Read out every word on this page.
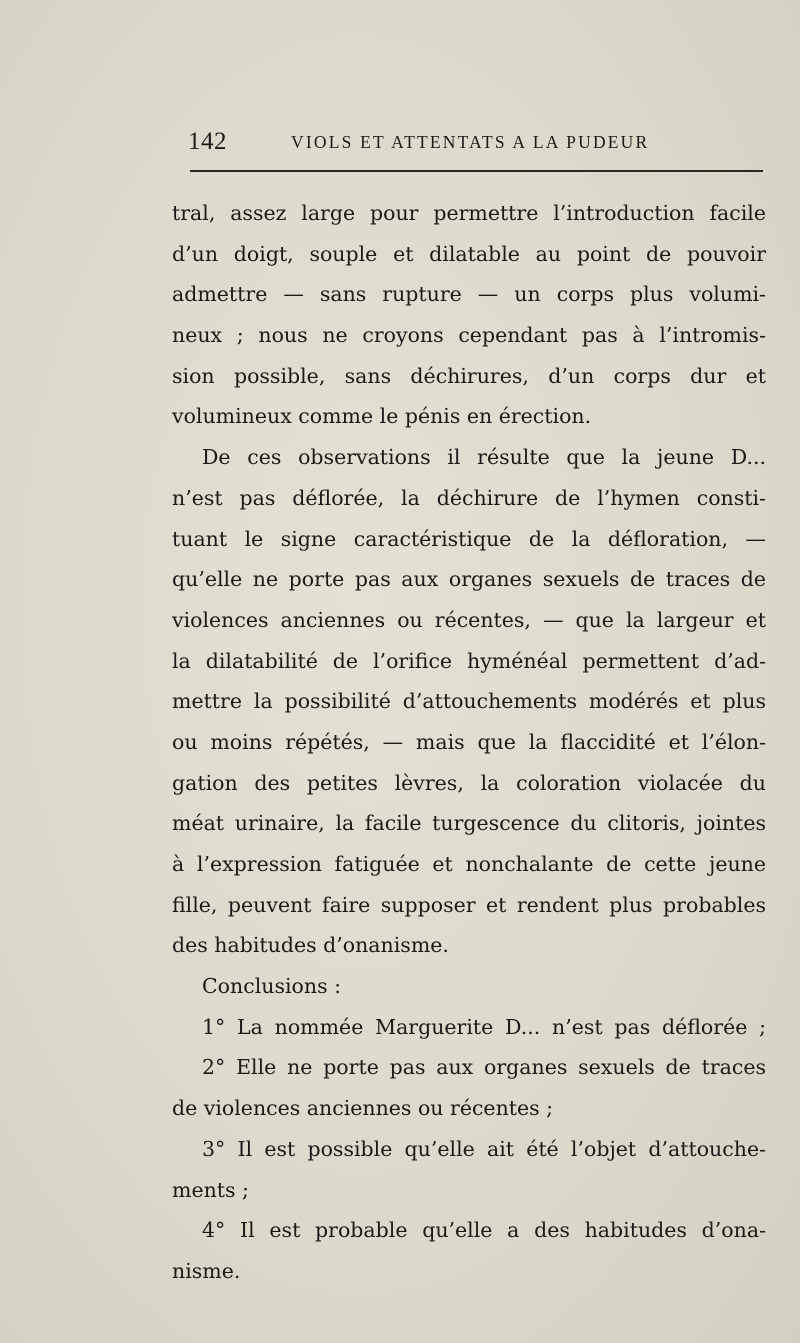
142	VIOLS ET ATTENTATS A LA PUDEUR
tral, assez large pour permettre l’introduction facile
d’un doigt, souple et dilatable au point de pouvoir
admettre — sans rupture — un corps plus volumi-
neux ; nous ne croyons cependant pas à l’intromis-
sion possible, sans déchirures, d’un corps dur et
volumineux comme le pénis en érection.
De ces observations il résulte que la jeune D...
n’est pas déflorée, la déchirure de l’hymen consti-
tuant le signe caractéristique de la défloration, —
qu’elle ne porte pas aux organes sexuels de traces de
violences anciennes ou récentes, — que la largeur et
la dilatabilité de l’orifice hyménéal permettent d’ad-
mettre la possibilité d’attouchements modérés et plus
ou moins répétés, — mais que la flaccidité et l’élon-
gation des petites lèvres, la coloration violacée du
méat urinaire, la facile turgescence du clitoris, jointes
à l’expression fatiguée et nonchalante de cette jeune
fille, peuvent faire supposer et rendent plus probables
des habitudes d’onanisme.
Conclusions :
1° La nommée Marguerite D... n’est pas déflorée ;
2° Elle ne porte pas aux organes sexuels de traces
de violences anciennes ou récentes ;
3° Il est possible qu’elle ait été l’objet d’attouche-
ments ;
4° Il est probable qu’elle a des habitudes d’ona-
nisme.
